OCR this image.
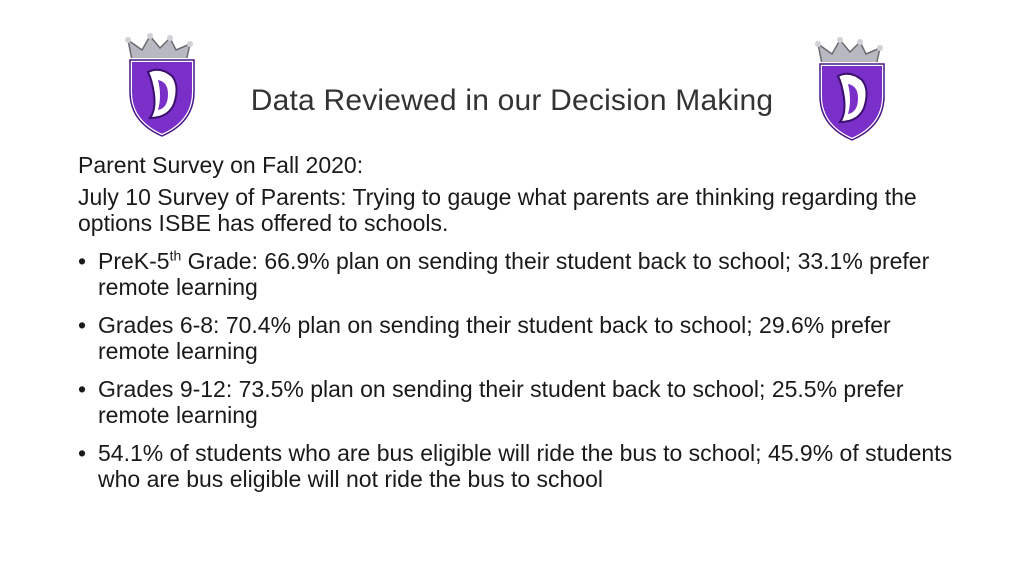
Data Reviewed in our Decision Making

Parent Survey on Fall 2020:

July 10 Survey of Parents: Trying to gauge what parents are thinking regarding the options ISBE has offered to schools.

• PreK-5th Grade: 66.9% plan on sending their student back to school; 33.1% prefer remote learning
• Grades 6-8: 70.4% plan on sending their student back to school; 29.6% prefer remote learning
• Grades 9-12: 73.5% plan on sending their student back to school; 25.5% prefer remote learning
• 54.1% of students who are bus eligible will ride the bus to school; 45.9% of students who are bus eligible will not ride the bus to school
